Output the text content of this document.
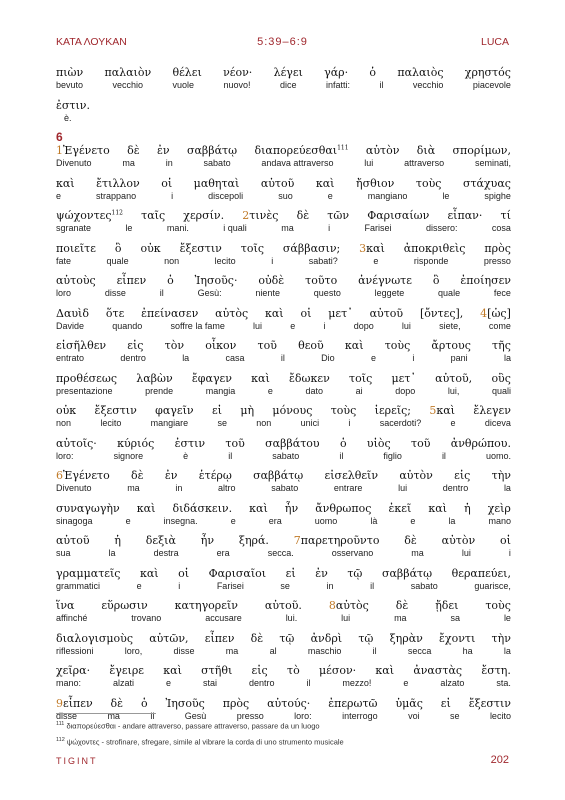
5:39–6:9
ΚΑΤΑ ΛΟΥΚΑΝ	LUCA
πιὼν παλαιὸν θέλει νέον· λέγει γάρ· ὁ παλαιὸς χρηστός
bevuto	vecchio	vuole	nuovo!	dice	infatti:	il	vecchio	piacevole
ἐστιν.
è.
6
1Ἐγένετο δὲ ἐν σαββάτῳ διαπορεύεσθαι$^{111}$ αὐτὸν διὰ σπορίμων,
Divenuto	ma	in	sabato	andava attraverso	lui	attraverso	seminati,
καὶ ἔτιλλον οἱ μαθηταὶ αὐτοῦ καὶ ἤσθιον τοὺς στάχυας
e	strappano	i	discepoli	suo	e	mangiano	le	spighe
ψώχοντες$^{112}$ ταῖς χερσίν. 2τινὲς δὲ τῶν Φαρισαίων εἶπαν· τί
sgranate	le	mani.	i quali	ma	i	Farisei	dissero:	cosa
ποιεῖτε ὃ οὐκ ἔξεστιν τοῖς σάββασιν; 3καὶ ἀποκριθεὶς πρὸς
fate	quale	non	lecito	i	sabati?	e	risponde	presso
αὐτοὺς εἶπεν ὁ Ἰησοῦς· οὐδὲ τοῦτο ἀνέγνωτε ὃ ἐποίησεν
loro	disse	il	Gesù:	niente	questo	leggete	quale	fece
Δαυὶδ ὅτε ἐπείνασεν αὐτὸς καὶ οἱ μετ᾽ αὐτοῦ [ὄντες], 4[ὡς]
Davide	quando	soffre la fame	lui	e	i	dopo	lui	siete,	come
εἰσῆλθεν εἰς τὸν οἶκον τοῦ θεοῦ καὶ τοὺς ἄρτους τῆς
entrato	dentro	la	casa	il	Dio	e	i	pani	la
προθέσεως λαβὼν ἔφαγεν καὶ ἔδωκεν τοῖς μετ᾽ αὐτοῦ, οὓς
presentazione	prende	mangia	e	dato	ai	dopo	lui,	quali
οὐκ ἔξεστιν φαγεῖν εἰ μὴ μόνους τοὺς ἱερεῖς; 5καὶ ἔλεγεν
non	lecito	mangiare	se	non	unici	i	sacerdoti?	e	diceva
αὐτοῖς· κύριός ἐστιν τοῦ σαββάτου ὁ υἱὸς τοῦ ἀνθρώπου.
loro:	signore	è	il	sabato	il	figlio	il	uomo.
6Ἐγένετο δὲ ἐν ἑτέρῳ σαββάτῳ εἰσελθεῖν αὐτὸν εἰς τὴν
Divenuto	ma	in	altro	sabato	entrare	lui	dentro	la
συναγωγὴν καὶ διδάσκειν. καὶ ἦν ἄνθρωπος ἐκεῖ καὶ ἡ χεὶρ
sinagoga	e	insegna.	e	era	uomo	là	e	la	mano
αὐτοῦ ἡ δεξιὰ ἦν ξηρά. 7παρετηροῦντο δὲ αὐτὸν οἱ
sua	la	destra	era	secca.	osservano	ma	lui	i
γραμματεῖς καὶ οἱ Φαρισαῖοι εἰ ἐν τῷ σαββάτῳ θεραπεύει,
grammatici	e	i	Farisei	se	in	il	sabato	guarisce,
ἵνα εὕρωσιν κατηγορεῖν αὐτοῦ. 8αὐτὸς δὲ ᾔδει τοὺς
affinché	trovano	accusare	lui.	lui	ma	sa	le
διαλογισμοὺς αὐτῶν, εἶπεν δὲ τῷ ἀνδρὶ τῷ ξηρὰν ἔχοντι τὴν
riflessioni	loro,	disse	ma	al	maschio	il	secca	ha	la
χεῖρα· ἔγειρε καὶ στῆθι εἰς τὸ μέσον· καὶ ἀναστὰς ἔστη.
mano:	alzati	e	stai	dentro	il	mezzo!	e	alzato	sta.
9εἶπεν δὲ ὁ Ἰησοῦς πρὸς αὐτούς· ἐπερωτῶ ὑμᾶς εἰ ἔξεστιν
disse	ma	il	Gesù	presso	loro:	interrogo	voi	se	lecito
$^{111}$ διαπορεύεσθαι - andare attraverso, passare attraverso, passare da un luogo
$^{112}$ ψώχοντες - strofinare, sfregare, simile al vibrare la corda di uno strumento musicale
TIGINT	202
